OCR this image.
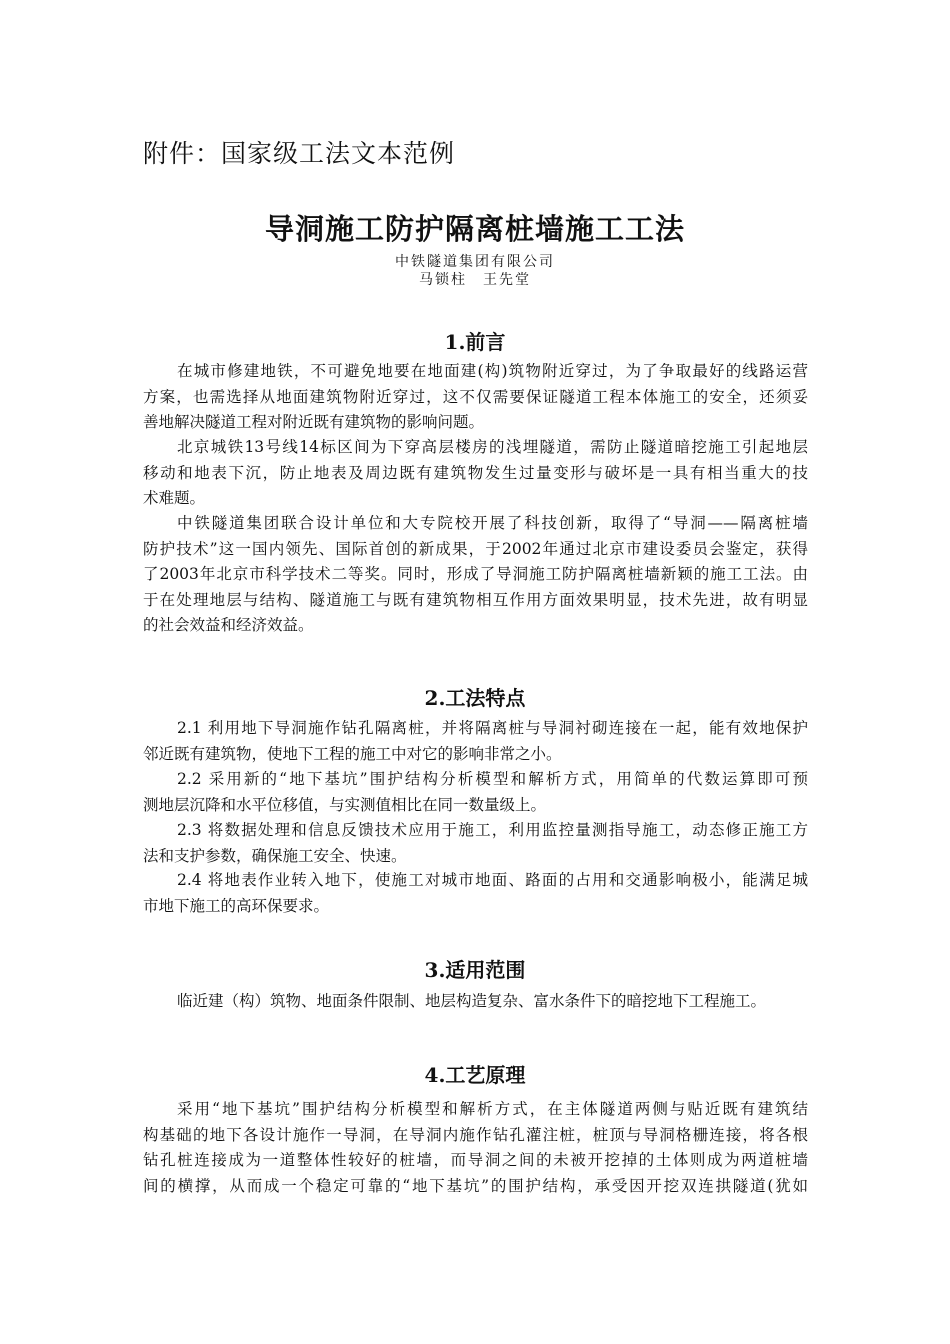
附件：国家级工法文本范例
导洞施工防护隔离桩墙施工工法
中铁隧道集团有限公司
马锁柱　王先堂
1.前言
在城市修建地铁，不可避免地要在地面建(构)筑物附近穿过，为了争取最好的线路运营
方案，也需选择从地面建筑物附近穿过，这不仅需要保证隧道工程本体施工的安全，还须妥
善地解决隧道工程对附近既有建筑物的影响问题。
北京城铁13号线14标区间为下穿高层楼房的浅埋隧道，需防止隧道暗挖施工引起地层
移动和地表下沉，防止地表及周边既有建筑物发生过量变形与破坏是一具有相当重大的技
术难题。
中铁隧道集团联合设计单位和大专院校开展了科技创新，取得了“导洞——隔离桩墙
防护技术”这一国内领先、国际首创的新成果，于2002年通过北京市建设委员会鉴定，获得
了2003年北京市科学技术二等奖。同时，形成了导洞施工防护隔离桩墙新颖的施工工法。由
于在处理地层与结构、隧道施工与既有建筑物相互作用方面效果明显，技术先进，故有明显
的社会效益和经济效益。
2.工法特点
2.1 利用地下导洞施作钻孔隔离桩，并将隔离桩与导洞衬砌连接在一起，能有效地保护
邻近既有建筑物，使地下工程的施工中对它的影响非常之小。
2.2 采用新的“地下基坑”围护结构分析模型和解析方式，用简单的代数运算即可预
测地层沉降和水平位移值，与实测值相比在同一数量级上。
2.3 将数据处理和信息反馈技术应用于施工，利用监控量测指导施工，动态修正施工方
法和支护参数，确保施工安全、快速。
2.4 将地表作业转入地下，使施工对城市地面、路面的占用和交通影响极小，能满足城
市地下施工的高环保要求。
3.适用范围
临近建（构）筑物、地面条件限制、地层构造复杂、富水条件下的暗挖地下工程施工。
4.工艺原理
采用“地下基坑”围护结构分析模型和解析方式，在主体隧道两侧与贴近既有建筑结
构基础的地下各设计施作一导洞，在导洞内施作钻孔灌注桩，桩顶与导洞格栅连接，将各根
钻孔桩连接成为一道整体性较好的桩墙，而导洞之间的未被开挖掉的土体则成为两道桩墙
间的横撑，从而成一个稳定可靠的“地下基坑”的围护结构，承受因开挖双连拱隧道(犹如
